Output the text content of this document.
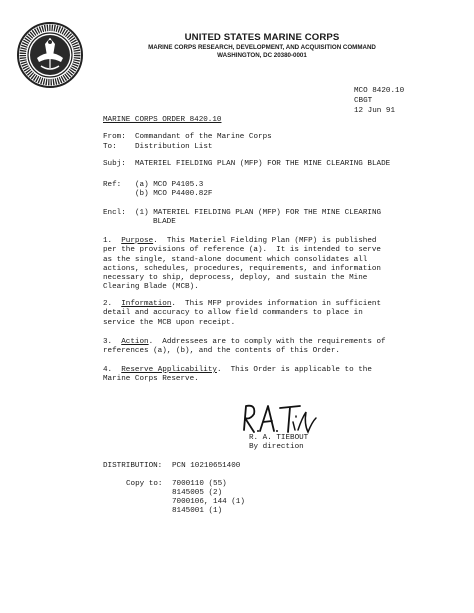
UNITED STATES MARINE CORPS
MARINE CORPS RESEARCH, DEVELOPMENT, AND ACQUISITION COMMAND
WASHINGTON, DC 20380-0001
MCO 8420.10
CBGT
12 Jun 91
MARINE CORPS ORDER 8420.10
From: Commandant of the Marine Corps
To: Distribution List
Subj: MATERIEL FIELDING PLAN (MFP) FOR THE MINE CLEARING BLADE
Ref: (a) MCO P4105.3
(b) MCO P4400.82F
Encl: (1) MATERIEL FIELDING PLAN (MFP) FOR THE MINE CLEARING
BLADE
1. Purpose.  This Materiel Fielding Plan (MFP) is published
per the provisions of reference (a).  It is intended to serve
as the single, stand-alone document which consolidates all
actions, schedules, procedures, requirements, and information
necessary to ship, deprocess, deploy, and sustain the Mine
Clearing Blade (MCB).
2. Information.  This MFP provides information in sufficient
detail and accuracy to allow field commanders to place in
service the MCB upon receipt.
3. Action.  Addressees are to comply with the requirements of
references (a), (b), and the contents of this Order.
4. Reserve Applicability.  This Order is applicable to the
Marine Corps Reserve.
R. A. TIEBOUT
By direction
DISTRIBUTION: PCN 10210651400
Copy to: 7000110 (55)
8145005 (2)
7000106, 144 (1)
8145001 (1)
